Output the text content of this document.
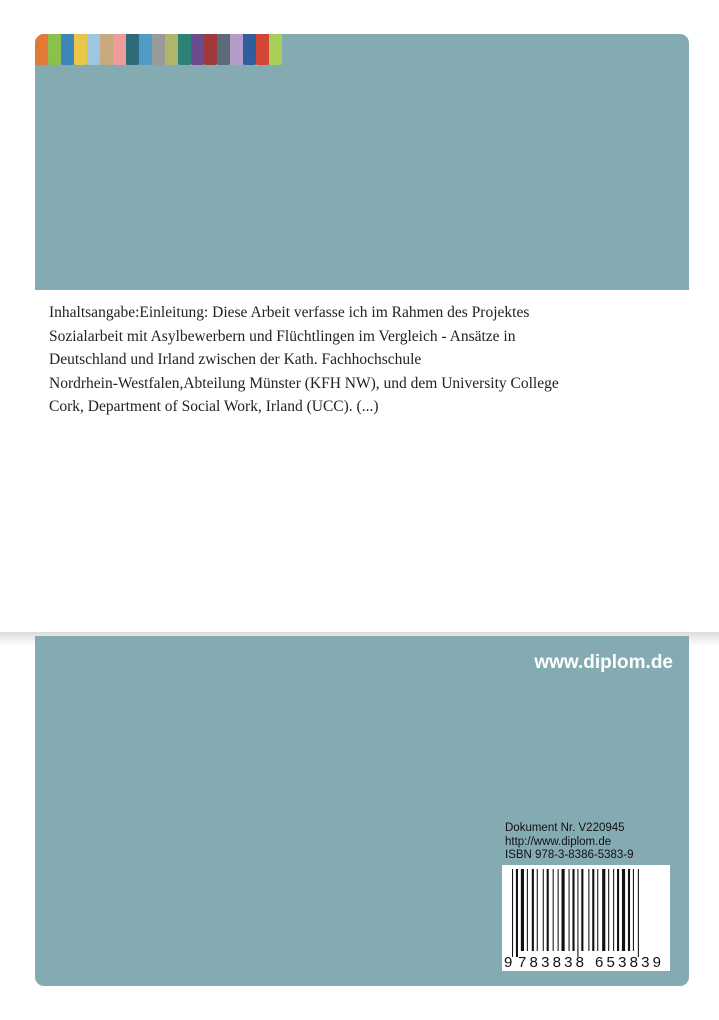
Inhaltsangabe:Einleitung: Diese Arbeit verfasse ich im Rahmen des Projektes
Sozialarbeit mit Asylbewerbern und Flüchtlingen im Vergleich - Ansätze in
Deutschland und Irland zwischen der Kath. Fachhochschule
Nordrhein-Westfalen,Abteilung Münster (KFH NW), und dem University College
Cork, Department of Social Work, Irland (UCC). (...)

www.diplom.de
Dokument Nr. V220945
http://www.diplom.de
ISBN 978-3-8386-5383-9
9 783838 653839
